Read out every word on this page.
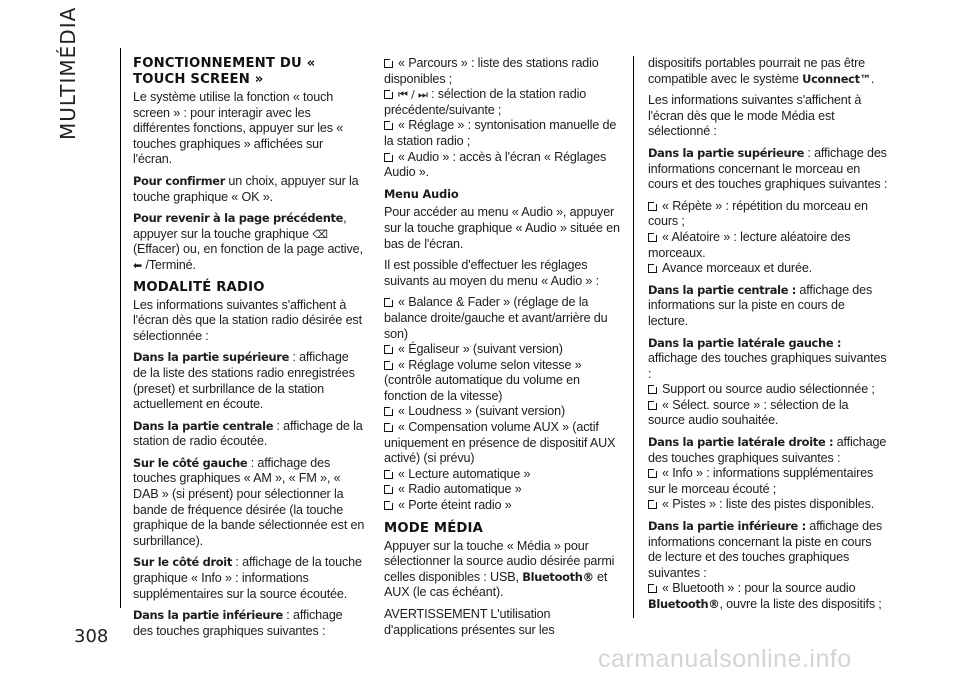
MULTIMÉDIA
308
FONCTIONNEMENT DU « TOUCH SCREEN »

Le système utilise la fonction « touch screen » : pour interagir avec les différentes fonctions, appuyer sur les « touches graphiques » affichées sur l'écran.

Pour confirmer un choix, appuyer sur la touche graphique « OK ».

Pour revenir à la page précédente, appuyer sur la touche graphique ⌫ (Effacer) ou, en fonction de la page active, ⬅ /Terminé.

MODALITÉ RADIO

Les informations suivantes s'affichent à l'écran dès que la station radio désirée est sélectionnée :

Dans la partie supérieure : affichage de la liste des stations radio enregistrées (preset) et surbrillance de la station actuellement en écoute.

Dans la partie centrale : affichage de la station de radio écoutée.

Sur le côté gauche : affichage des touches graphiques « AM », « FM », « DAB » (si présent) pour sélectionner la bande de fréquence désirée (la touche graphique de la bande sélectionnée est en surbrillance).

Sur le côté droit : affichage de la touche graphique « Info » : informations supplémentaires sur la source écoutée.

Dans la partie inférieure : affichage des touches graphiques suivantes :

« Parcours » : liste des stations radio disponibles ;

⏮ / ⏭ : sélection de la station radio précédente/suivante ;

« Réglage » : syntonisation manuelle de la station radio ;

« Audio » : accès à l'écran « Réglages Audio ».

Menu Audio

Pour accéder au menu « Audio », appuyer sur la touche graphique « Audio » située en bas de l'écran.

Il est possible d'effectuer les réglages suivants au moyen du menu « Audio » :

« Balance & Fader » (réglage de la balance droite/gauche et avant/arrière du son)

« Égaliseur » (suivant version)

« Réglage volume selon vitesse » (contrôle automatique du volume en fonction de la vitesse)

« Loudness » (suivant version)

« Compensation volume AUX » (actif uniquement en présence de dispositif AUX activé) (si prévu)

« Lecture automatique »

« Radio automatique »

« Porte éteint radio »

MODE MÉDIA

Appuyer sur la touche « Média » pour sélectionner la source audio désirée parmi celles disponibles : USB, Bluetooth® et AUX (le cas échéant).

AVERTISSEMENT L'utilisation d'applications présentes sur les

dispositifs portables pourrait ne pas être compatible avec le système Uconnect™.

Les informations suivantes s'affichent à l'écran dès que le mode Média est sélectionné :

Dans la partie supérieure : affichage des informations concernant le morceau en cours et des touches graphiques suivantes :

« Répète » : répétition du morceau en cours ;

« Aléatoire » : lecture aléatoire des morceaux.

Avance morceaux et durée.

Dans la partie centrale : affichage des informations sur la piste en cours de lecture.

Dans la partie latérale gauche : affichage des touches graphiques suivantes :

Support ou source audio sélectionnée ;

« Sélect. source » : sélection de la source audio souhaitée.

Dans la partie latérale droite : affichage des touches graphiques suivantes :

« Info » : informations supplémentaires sur le morceau écouté ;

« Pistes » : liste des pistes disponibles.

Dans la partie inférieure : affichage des informations concernant la piste en cours de lecture et des touches graphiques suivantes :

« Bluetooth » : pour la source audio Bluetooth®, ouvre la liste des dispositifs ;

carmanualsonline.info
